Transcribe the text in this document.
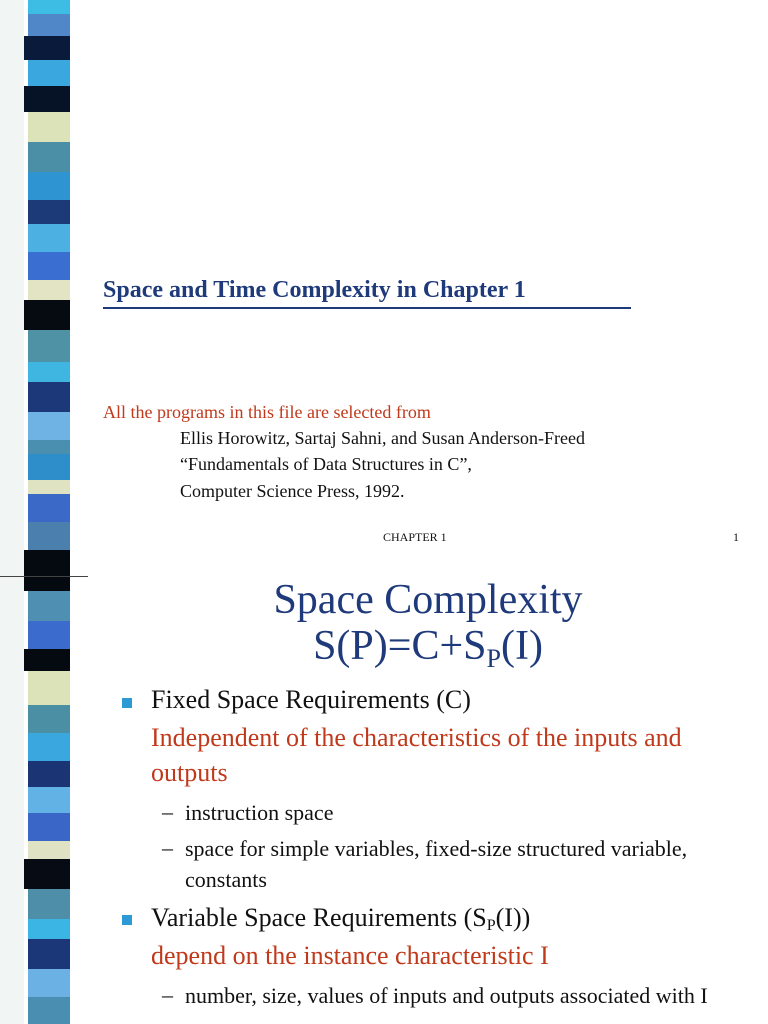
Space and Time Complexity in Chapter 1
All the programs in this file are selected from
Ellis Horowitz, Sartaj Sahni, and Susan Anderson-Freed
“Fundamentals of Data Structures in C”,
Computer Science Press, 1992.
CHAPTER 1	1
Space Complexity
$S(P)=C+S_P(I)$
Fixed Space Requirements (C)
Independent of the characteristics of the inputs and outputs
– instruction space
– space for simple variables, fixed-size structured variable, constants
Variable Space Requirements $(S_P(I))$
depend on the instance characteristic I
– number, size, values of inputs and outputs associated with I
